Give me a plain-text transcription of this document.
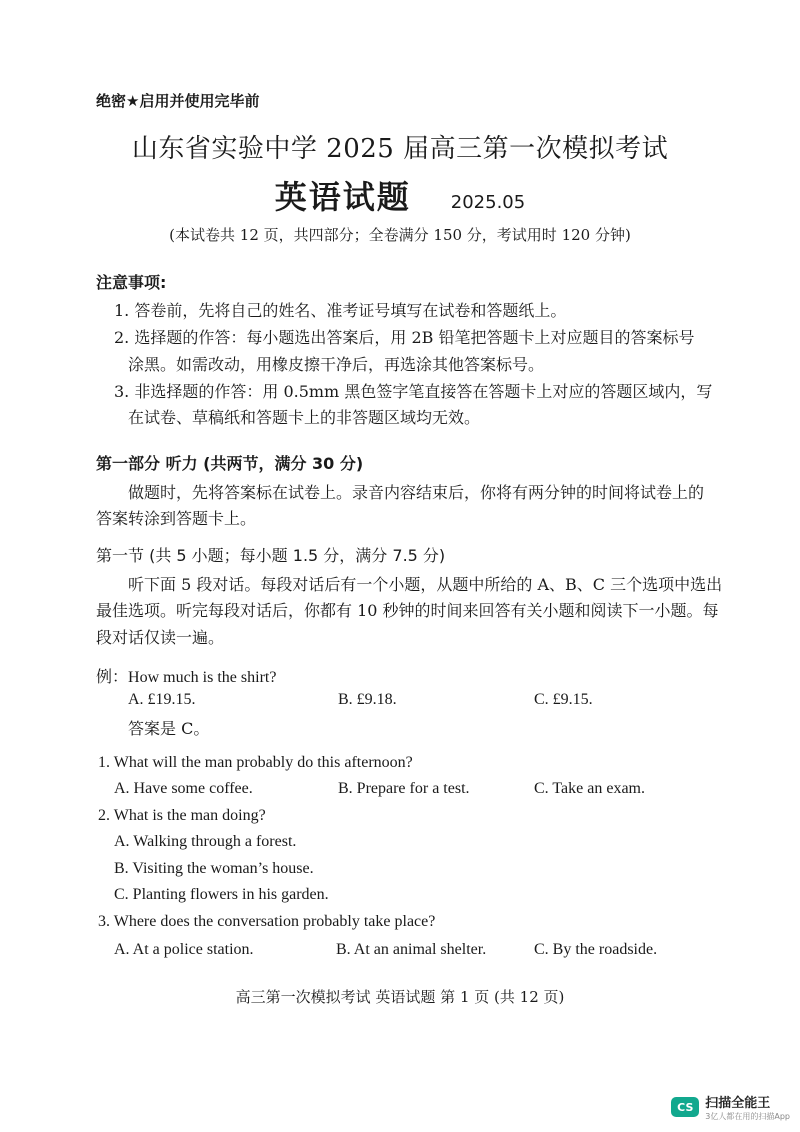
绝密★启用并使用完毕前
山东省实验中学 2025 届高三第一次模拟考试
英语试题 2025.05
(本试卷共 12 页，共四部分；全卷满分 150 分，考试用时 120 分钟)
注意事项:
1. 答卷前，先将自己的姓名、准考证号填写在试卷和答题纸上。
2. 选择题的作答：每小题选出答案后，用 2B 铅笔把答题卡上对应题目的答案标号
涂黑。如需改动，用橡皮擦干净后，再选涂其他答案标号。
3. 非选择题的作答：用 0.5mm 黑色签字笔直接答在答题卡上对应的答题区域内，写
在试卷、草稿纸和答题卡上的非答题区域均无效。
第一部分 听力 (共两节，满分 30 分)
做题时，先将答案标在试卷上。录音内容结束后，你将有两分钟的时间将试卷上的
答案转涂到答题卡上。
第一节 (共 5 小题；每小题 1.5 分，满分 7.5 分)
听下面 5 段对话。每段对话后有一个小题，从题中所给的 A、B、C 三个选项中选出
最佳选项。听完每段对话后，你都有 10 秒钟的时间来回答有关小题和阅读下一小题。每
段对话仅读一遍。
例：How much is the shirt?
A. £19.15.	B. £9.18.	C. £9.15.
答案是 C。
1. What will the man probably do this afternoon?
A. Have some coffee.	B. Prepare for a test.	C. Take an exam.
2. What is the man doing?
A. Walking through a forest.
B. Visiting the woman’s house.
C. Planting flowers in his garden.
3. Where does the conversation probably take place?
A. At a police station.	B. At an animal shelter.	C. By the roadside.
高三第一次模拟考试 英语试题 第 1 页 (共 12 页)
CS 扫描全能王
3亿人都在用的扫描App
